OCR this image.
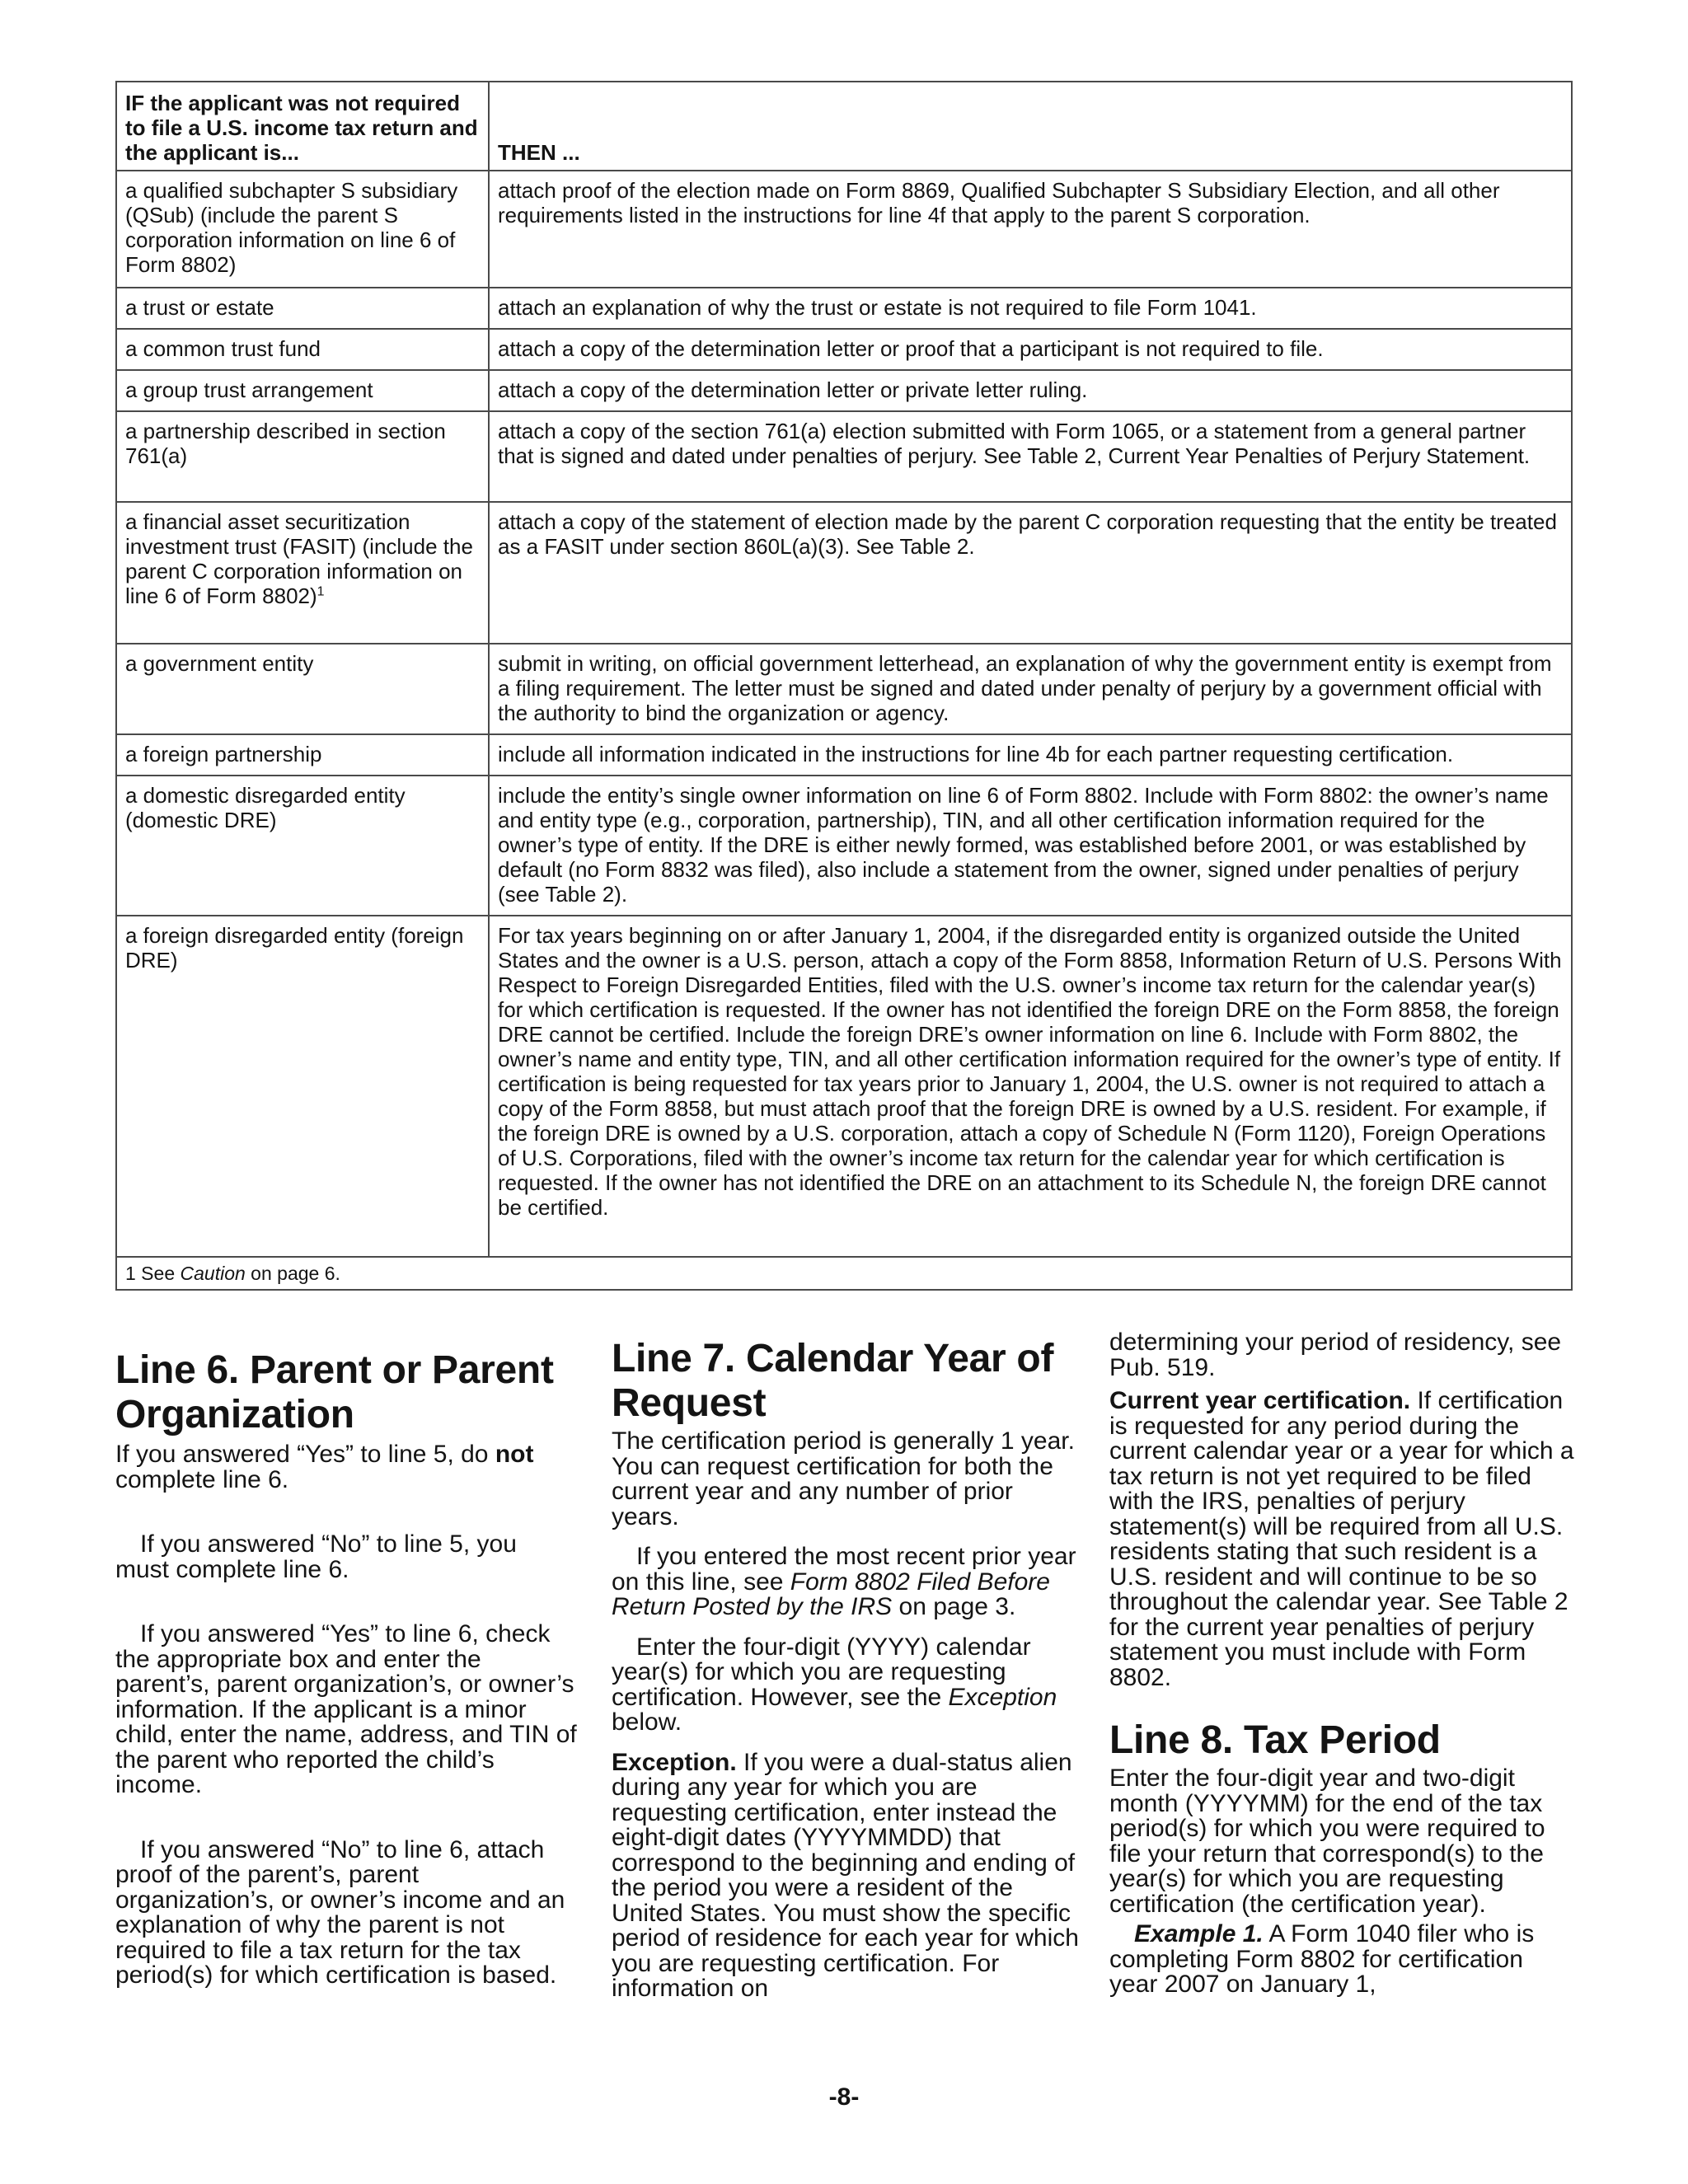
IF the applicant was not required to file a U.S. income tax return and the applicant is...	THEN ...
a qualified subchapter S subsidiary (QSub) (include the parent S corporation information on line 6 of Form 8802)	attach proof of the election made on Form 8869, Qualified Subchapter S Subsidiary Election, and all other requirements listed in the instructions for line 4f that apply to the parent S corporation.
a trust or estate	attach an explanation of why the trust or estate is not required to file Form 1041.
a common trust fund	attach a copy of the determination letter or proof that a participant is not required to file.
a group trust arrangement	attach a copy of the determination letter or private letter ruling.
a partnership described in section 761(a)	attach a copy of the section 761(a) election submitted with Form 1065, or a statement from a general partner that is signed and dated under penalties of perjury. See Table 2, Current Year Penalties of Perjury Statement.
a financial asset securitization investment trust (FASIT) (include the parent C corporation information on line 6 of Form 8802)$^1$	attach a copy of the statement of election made by the parent C corporation requesting that the entity be treated as a FASIT under section 860L(a)(3). See Table 2.
a government entity	submit in writing, on official government letterhead, an explanation of why the government entity is exempt from a filing requirement. The letter must be signed and dated under penalty of perjury by a government official with the authority to bind the organization or agency.
a foreign partnership	include all information indicated in the instructions for line 4b for each partner requesting certification.
a domestic disregarded entity (domestic DRE)	include the entity’s single owner information on line 6 of Form 8802. Include with Form 8802: the owner’s name and entity type (e.g., corporation, partnership), TIN, and all other certification information required for the owner’s type of entity. If the DRE is either newly formed, was established before 2001, or was established by default (no Form 8832 was filed), also include a statement from the owner, signed under penalties of perjury (see Table 2).
a foreign disregarded entity (foreign DRE)	For tax years beginning on or after January 1, 2004, if the disregarded entity is organized outside the United States and the owner is a U.S. person, attach a copy of the Form 8858, Information Return of U.S. Persons With Respect to Foreign Disregarded Entities, filed with the U.S. owner’s income tax return for the calendar year(s) for which certification is requested. If the owner has not identified the foreign DRE on the Form 8858, the foreign DRE cannot be certified. Include the foreign DRE’s owner information on line 6. Include with Form 8802, the owner’s name and entity type, TIN, and all other certification information required for the owner’s type of entity. If certification is being requested for tax years prior to January 1, 2004, the U.S. owner is not required to attach a copy of the Form 8858, but must attach proof that the foreign DRE is owned by a U.S. resident. For example, if the foreign DRE is owned by a U.S. corporation, attach a copy of Schedule N (Form 1120), Foreign Operations of U.S. Corporations, filed with the owner’s income tax return for the calendar year for which certification is requested. If the owner has not identified the DRE on an attachment to its Schedule N, the foreign DRE cannot be certified.
1 See Caution on page 6.	
Line 6. Parent or Parent Organization

If you answered “Yes” to line 5, do not complete line 6.

If you answered “No” to line 5, you must complete line 6.

If you answered “Yes” to line 6, check the appropriate box and enter the parent’s, parent organization’s, or owner’s information. If the applicant is a minor child, enter the name, address, and TIN of the parent who reported the child’s income.

If you answered “No” to line 6, attach proof of the parent’s, parent organization’s, or owner’s income and an explanation of why the parent is not required to file a tax return for the tax period(s) for which certification is based.

Line 7. Calendar Year of Request

The certification period is generally 1 year. You can request certification for both the current year and any number of prior years.

If you entered the most recent prior year on this line, see Form 8802 Filed Before Return Posted by the IRS on page 3.

Enter the four-digit (YYYY) calendar year(s) for which you are requesting certification. However, see the Exception below.

Exception. If you were a dual-status alien during any year for which you are requesting certification, enter instead the eight-digit dates (YYYYMMDD) that correspond to the beginning and ending of the period you were a resident of the United States. You must show the specific period of residence for each year for which you are requesting certification. For information on

determining your period of residency, see Pub. 519.

Current year certification. If certification is requested for any period during the current calendar year or a year for which a tax return is not yet required to be filed with the IRS, penalties of perjury statement(s) will be required from all U.S. residents stating that such resident is a U.S. resident and will continue to be so throughout the calendar year. See Table 2 for the current year penalties of perjury statement you must include with Form 8802.

Line 8. Tax Period

Enter the four-digit year and two-digit month (YYYYMM) for the end of the tax period(s) for which you were required to file your return that correspond(s) to the year(s) for which you are requesting certification (the certification year).

Example 1. A Form 1040 filer who is completing Form 8802 for certification year 2007 on January 1,

-8-
